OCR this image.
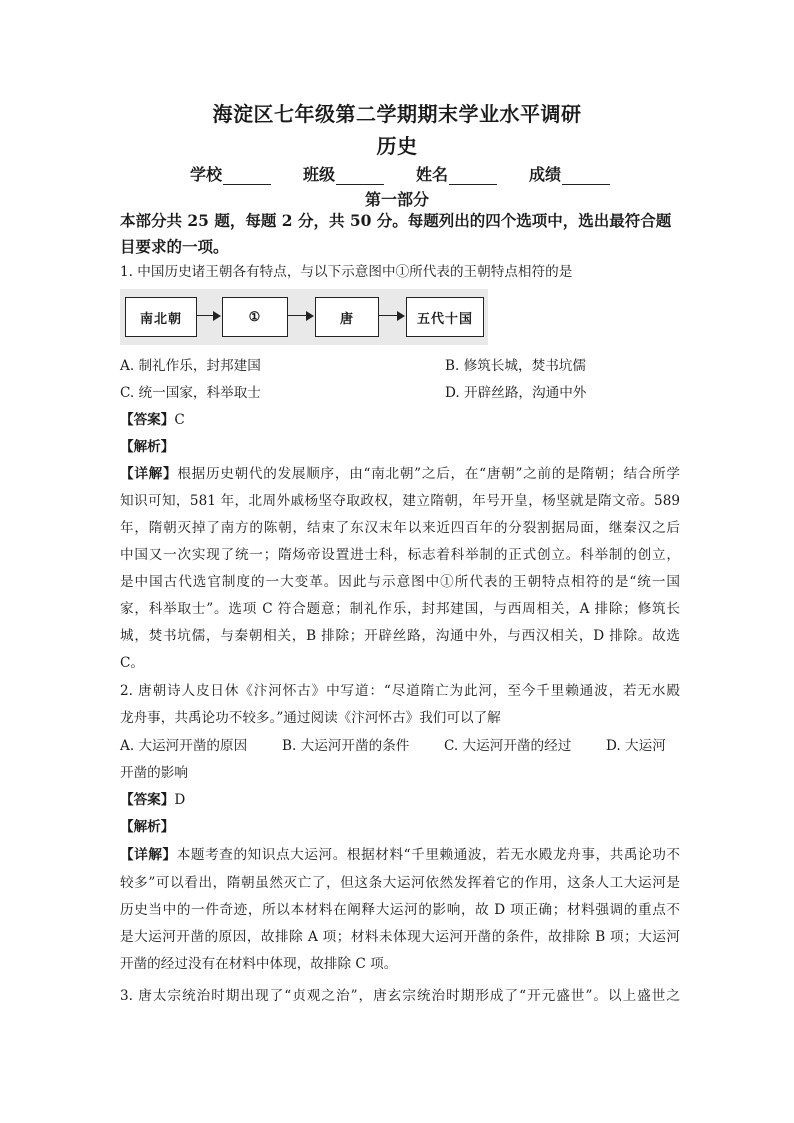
海淀区七年级第二学期期末学业水平调研
历史
学校	班级	姓名	成绩
第一部分
本部分共 25 题，每题 2 分，共 50 分。每题列出的四个选项中，选出最符合题
目要求的一项。
1. 中国历史诸王朝各有特点，与以下示意图中①所代表的王朝特点相符的是
南北朝	①	唐	五代十国
A. 制礼作乐，封邦建国	B. 修筑长城，焚书坑儒
C. 统一国家，科举取士	D. 开辟丝路，沟通中外
【答案】C
【解析】
【详解】根据历史朝代的发展顺序，由“南北朝”之后，在“唐朝”之前的是隋朝；结合所学
知识可知，581 年，北周外戚杨坚夺取政权，建立隋朝，年号开皇，杨坚就是隋文帝。589
年，隋朝灭掉了南方的陈朝，结束了东汉末年以来近四百年的分裂割据局面，继秦汉之后
中国又一次实现了统一；隋炀帝设置进士科，标志着科举制的正式创立。科举制的创立，
是中国古代选官制度的一大变革。因此与示意图中①所代表的王朝特点相符的是“统一国
家，科举取士”。选项 C 符合题意；制礼作乐，封邦建国，与西周相关，A 排除；修筑长
城，焚书坑儒，与秦朝相关，B 排除；开辟丝路，沟通中外，与西汉相关，D 排除。故选
C。
2. 唐朝诗人皮日休《汴河怀古》中写道：“尽道隋亡为此河，至今千里赖通波，若无水殿
龙舟事，共禹论功不较多。”通过阅读《汴河怀古》我们可以了解
A. 大运河开凿的原因	B. 大运河开凿的条件	C. 大运河开凿的经过	D. 大运河
开凿的影响
【答案】D
【解析】
【详解】本题考查的知识点大运河。根据材料“千里赖通波，若无水殿龙舟事，共禹论功不
较多”可以看出，隋朝虽然灭亡了，但这条大运河依然发挥着它的作用，这条人工大运河是
历史当中的一件奇迹，所以本材料在阐释大运河的影响，故 D 项正确；材料强调的重点不
是大运河开凿的原因，故排除 A 项；材料未体现大运河开凿的条件，故排除 B 项；大运河
开凿的经过没有在材料中体现，故排除 C 项。
3. 唐太宗统治时期出现了“贞观之治”，唐玄宗统治时期形成了“开元盛世”。以上盛世之
